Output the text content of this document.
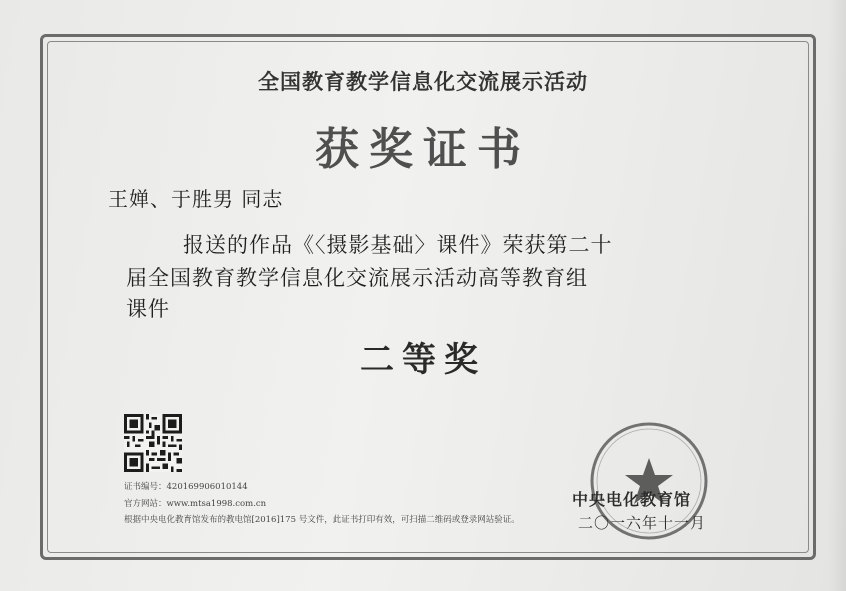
全国教育教学信息化交流展示活动
获奖证书
王婵、于胜男 同志
报送的作品《〈摄影基础〉课件》荣获第二十
届全国教育教学信息化交流展示活动高等教育组
课件
二等奖
证书编号：420169906010144
官方网站：www.mtsa1998.com.cn
根据中央电化教育馆发布的教电馆[2016]175 号文件，此证书打印有效，可扫描二维码或登录网站验证。
中央电化教育馆
二〇一六年十一月
